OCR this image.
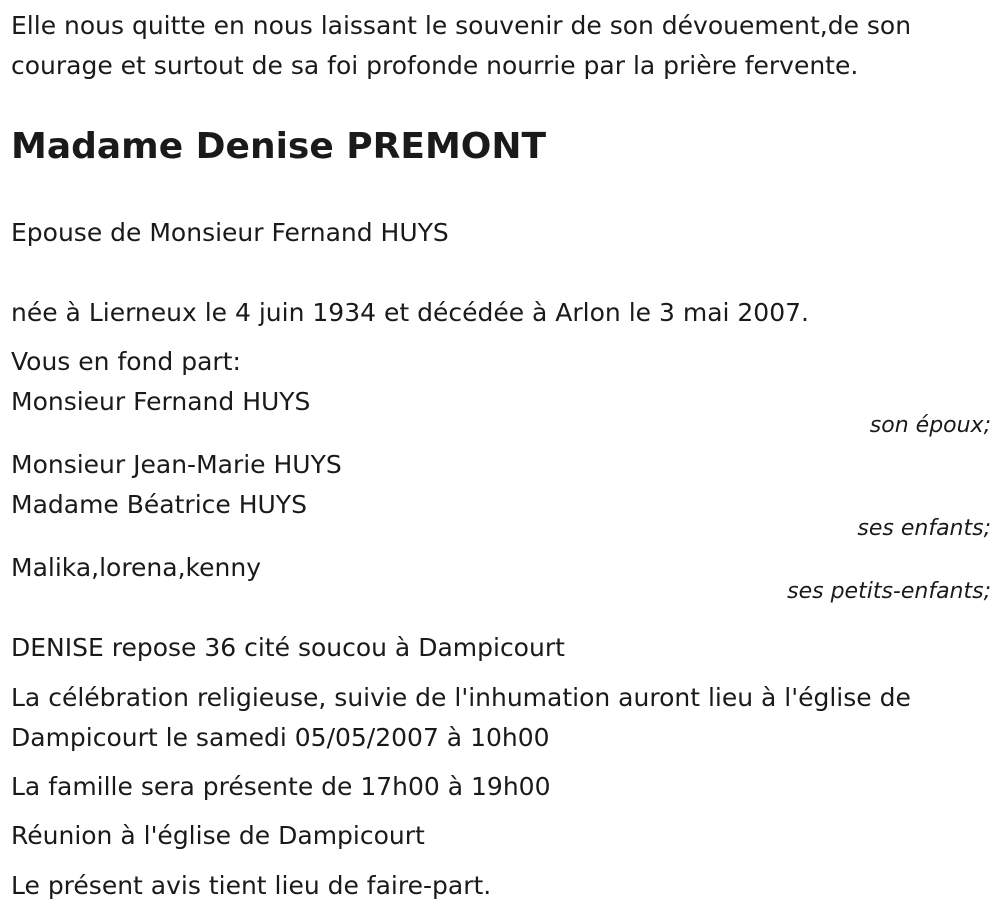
Elle nous quitte en nous laissant le souvenir de son dévouement,de son
courage et surtout de sa foi profonde nourrie par la prière fervente.
Madame Denise PREMONT
Epouse de Monsieur Fernand HUYS
née à Lierneux le 4 juin 1934 et décédée à Arlon le 3 mai 2007.
Vous en fond part:
Monsieur Fernand HUYS
son époux;
Monsieur Jean-Marie HUYS
Madame Béatrice HUYS
ses enfants;
Malika,lorena,kenny
ses petits-enfants;
DENISE repose 36 cité soucou à Dampicourt
La célébration religieuse, suivie de l'inhumation auront lieu à l'église de
Dampicourt le samedi 05/05/2007 à 10h00
La famille sera présente de 17h00 à 19h00
Réunion à l'église de Dampicourt
Le présent avis tient lieu de faire-part.
